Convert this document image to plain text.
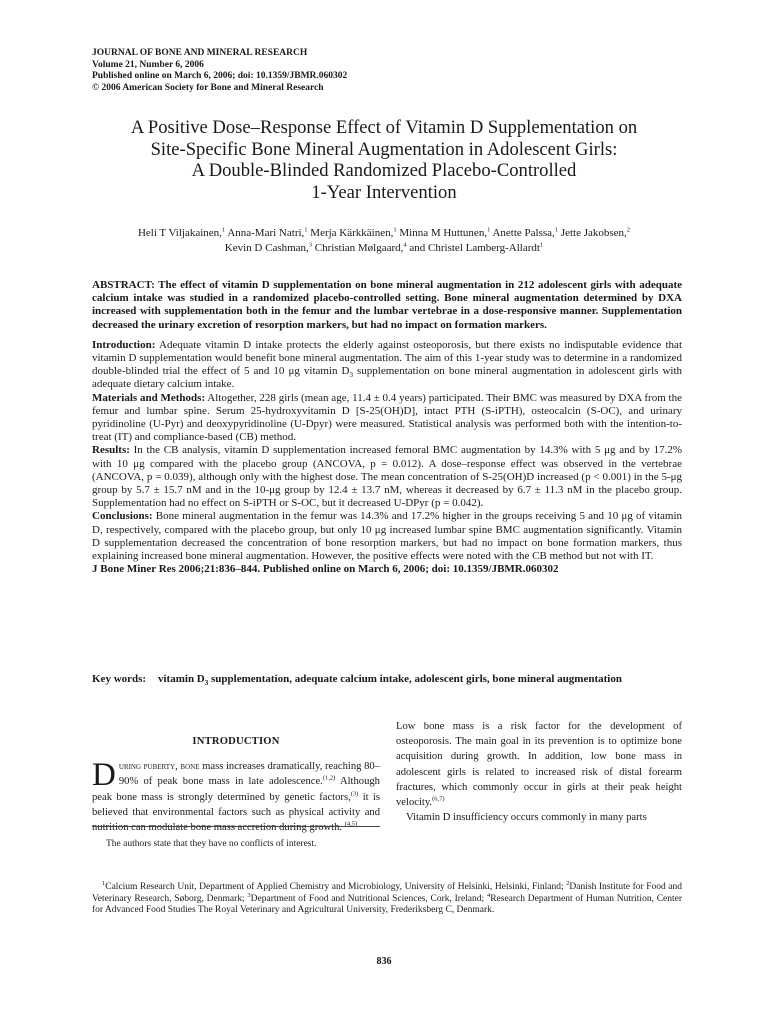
JOURNAL OF BONE AND MINERAL RESEARCH
Volume 21, Number 6, 2006
Published online on March 6, 2006; doi: 10.1359/JBMR.060302
© 2006 American Society for Bone and Mineral Research
A Positive Dose–Response Effect of Vitamin D Supplementation on
Site-Specific Bone Mineral Augmentation in Adolescent Girls:
A Double-Blinded Randomized Placebo-Controlled
1-Year Intervention
Heli T Viljakainen,$^1$ Anna-Mari Natri,$^1$ Merja Kärkkäinen,$^1$ Minna M Huttunen,$^1$ Anette Palssa,$^1$ Jette Jakobsen,$^2$
Kevin D Cashman,$^3$ Christian Mølgaard,$^4$ and Christel Lamberg-Allardt$^1$

ABSTRACT: The effect of vitamin D supplementation on bone mineral augmentation in 212 adolescent girls with adequate calcium intake was studied in a randomized placebo-controlled setting. Bone mineral augmentation determined by DXA increased with supplementation both in the femur and the lumbar vertebrae in a dose-responsive manner. Supplementation decreased the urinary excretion of resorption markers, but had no impact on formation markers.

Introduction: Adequate vitamin D intake protects the elderly against osteoporosis, but there exists no indisputable evidence that vitamin D supplementation would benefit bone mineral augmentation. The aim of this 1-year study was to determine in a randomized double-blinded trial the effect of 5 and 10 μg vitamin $D_3$ supplementation on bone mineral augmentation in adolescent girls with adequate dietary calcium intake.

Materials and Methods: Altogether, 228 girls (mean age, 11.4 ± 0.4 years) participated. Their BMC was measured by DXA from the femur and lumbar spine. Serum 25-hydroxyvitamin D [S-25(OH)D], intact PTH (S-iPTH), osteocalcin (S-OC), and urinary pyridinoline (U-Pyr) and deoxypyridinoline (U-Dpyr) were measured. Statistical analysis was performed both with the intention-to-treat (IT) and compliance-based (CB) method.

Results: In the CB analysis, vitamin D supplementation increased femoral BMC augmentation by 14.3% with 5 μg and by 17.2% with 10 μg compared with the placebo group (ANCOVA, p = 0.012). A dose–response effect was observed in the vertebrae (ANCOVA, p = 0.039), although only with the highest dose. The mean concentration of S-25(OH)D increased (p < 0.001) in the 5-μg group by 5.7 ± 15.7 nM and in the 10-μg group by 12.4 ± 13.7 nM, whereas it decreased by 6.7 ± 11.3 nM in the placebo group. Supplementation had no effect on S-iPTH or S-OC, but it decreased U-DPyr (p = 0.042).

Conclusions: Bone mineral augmentation in the femur was 14.3% and 17.2% higher in the groups receiving 5 and 10 μg of vitamin D, respectively, compared with the placebo group, but only 10 μg increased lumbar spine BMC augmentation significantly. Vitamin D supplementation decreased the concentration of bone resorption markers, but had no impact on bone formation markers, thus explaining increased bone mineral augmentation. However, the positive effects were noted with the CB method but not with IT.

J Bone Miner Res 2006;21:836–844. Published online on March 6, 2006; doi: 10.1359/JBMR.060302

Key words:	vitamin $D_3$ supplementation, adequate calcium intake, adolescent girls, bone mineral augmentation
INTRODUCTION

During puberty, bone mass increases dramatically, reaching 80–90% of peak bone mass in late adolescence.$^{(1,2)}$ Although peak bone mass is strongly determined by genetic factors,$^{(3)}$ it is believed that environmental factors such as physical activity and nutrition can modulate bone mass accretion during growth. $^{(4,5)}$

Low bone mass is a risk factor for the development of osteoporosis. The main goal in its prevention is to optimize bone acquisition during growth. In addition, low bone mass in adolescent girls is related to increased risk of distal forearm fractures, which commonly occur in girls at their peak height velocity.$^{(6,7)}$

Vitamin D insufficiency occurs commonly in many parts

The authors state that they have no conflicts of interest.
$^1$Calcium Research Unit, Department of Applied Chemistry and Microbiology, University of Helsinki, Helsinki, Finland; $^2$Danish Institute for Food and Veterinary Research, Søborg, Denmark; $^3$Department of Food and Nutritional Sciences, Cork, Ireland; $^4$Research Department of Human Nutrition, Center for Advanced Food Studies The Royal Veterinary and Agricultural University, Frederiksberg C, Denmark.
836
